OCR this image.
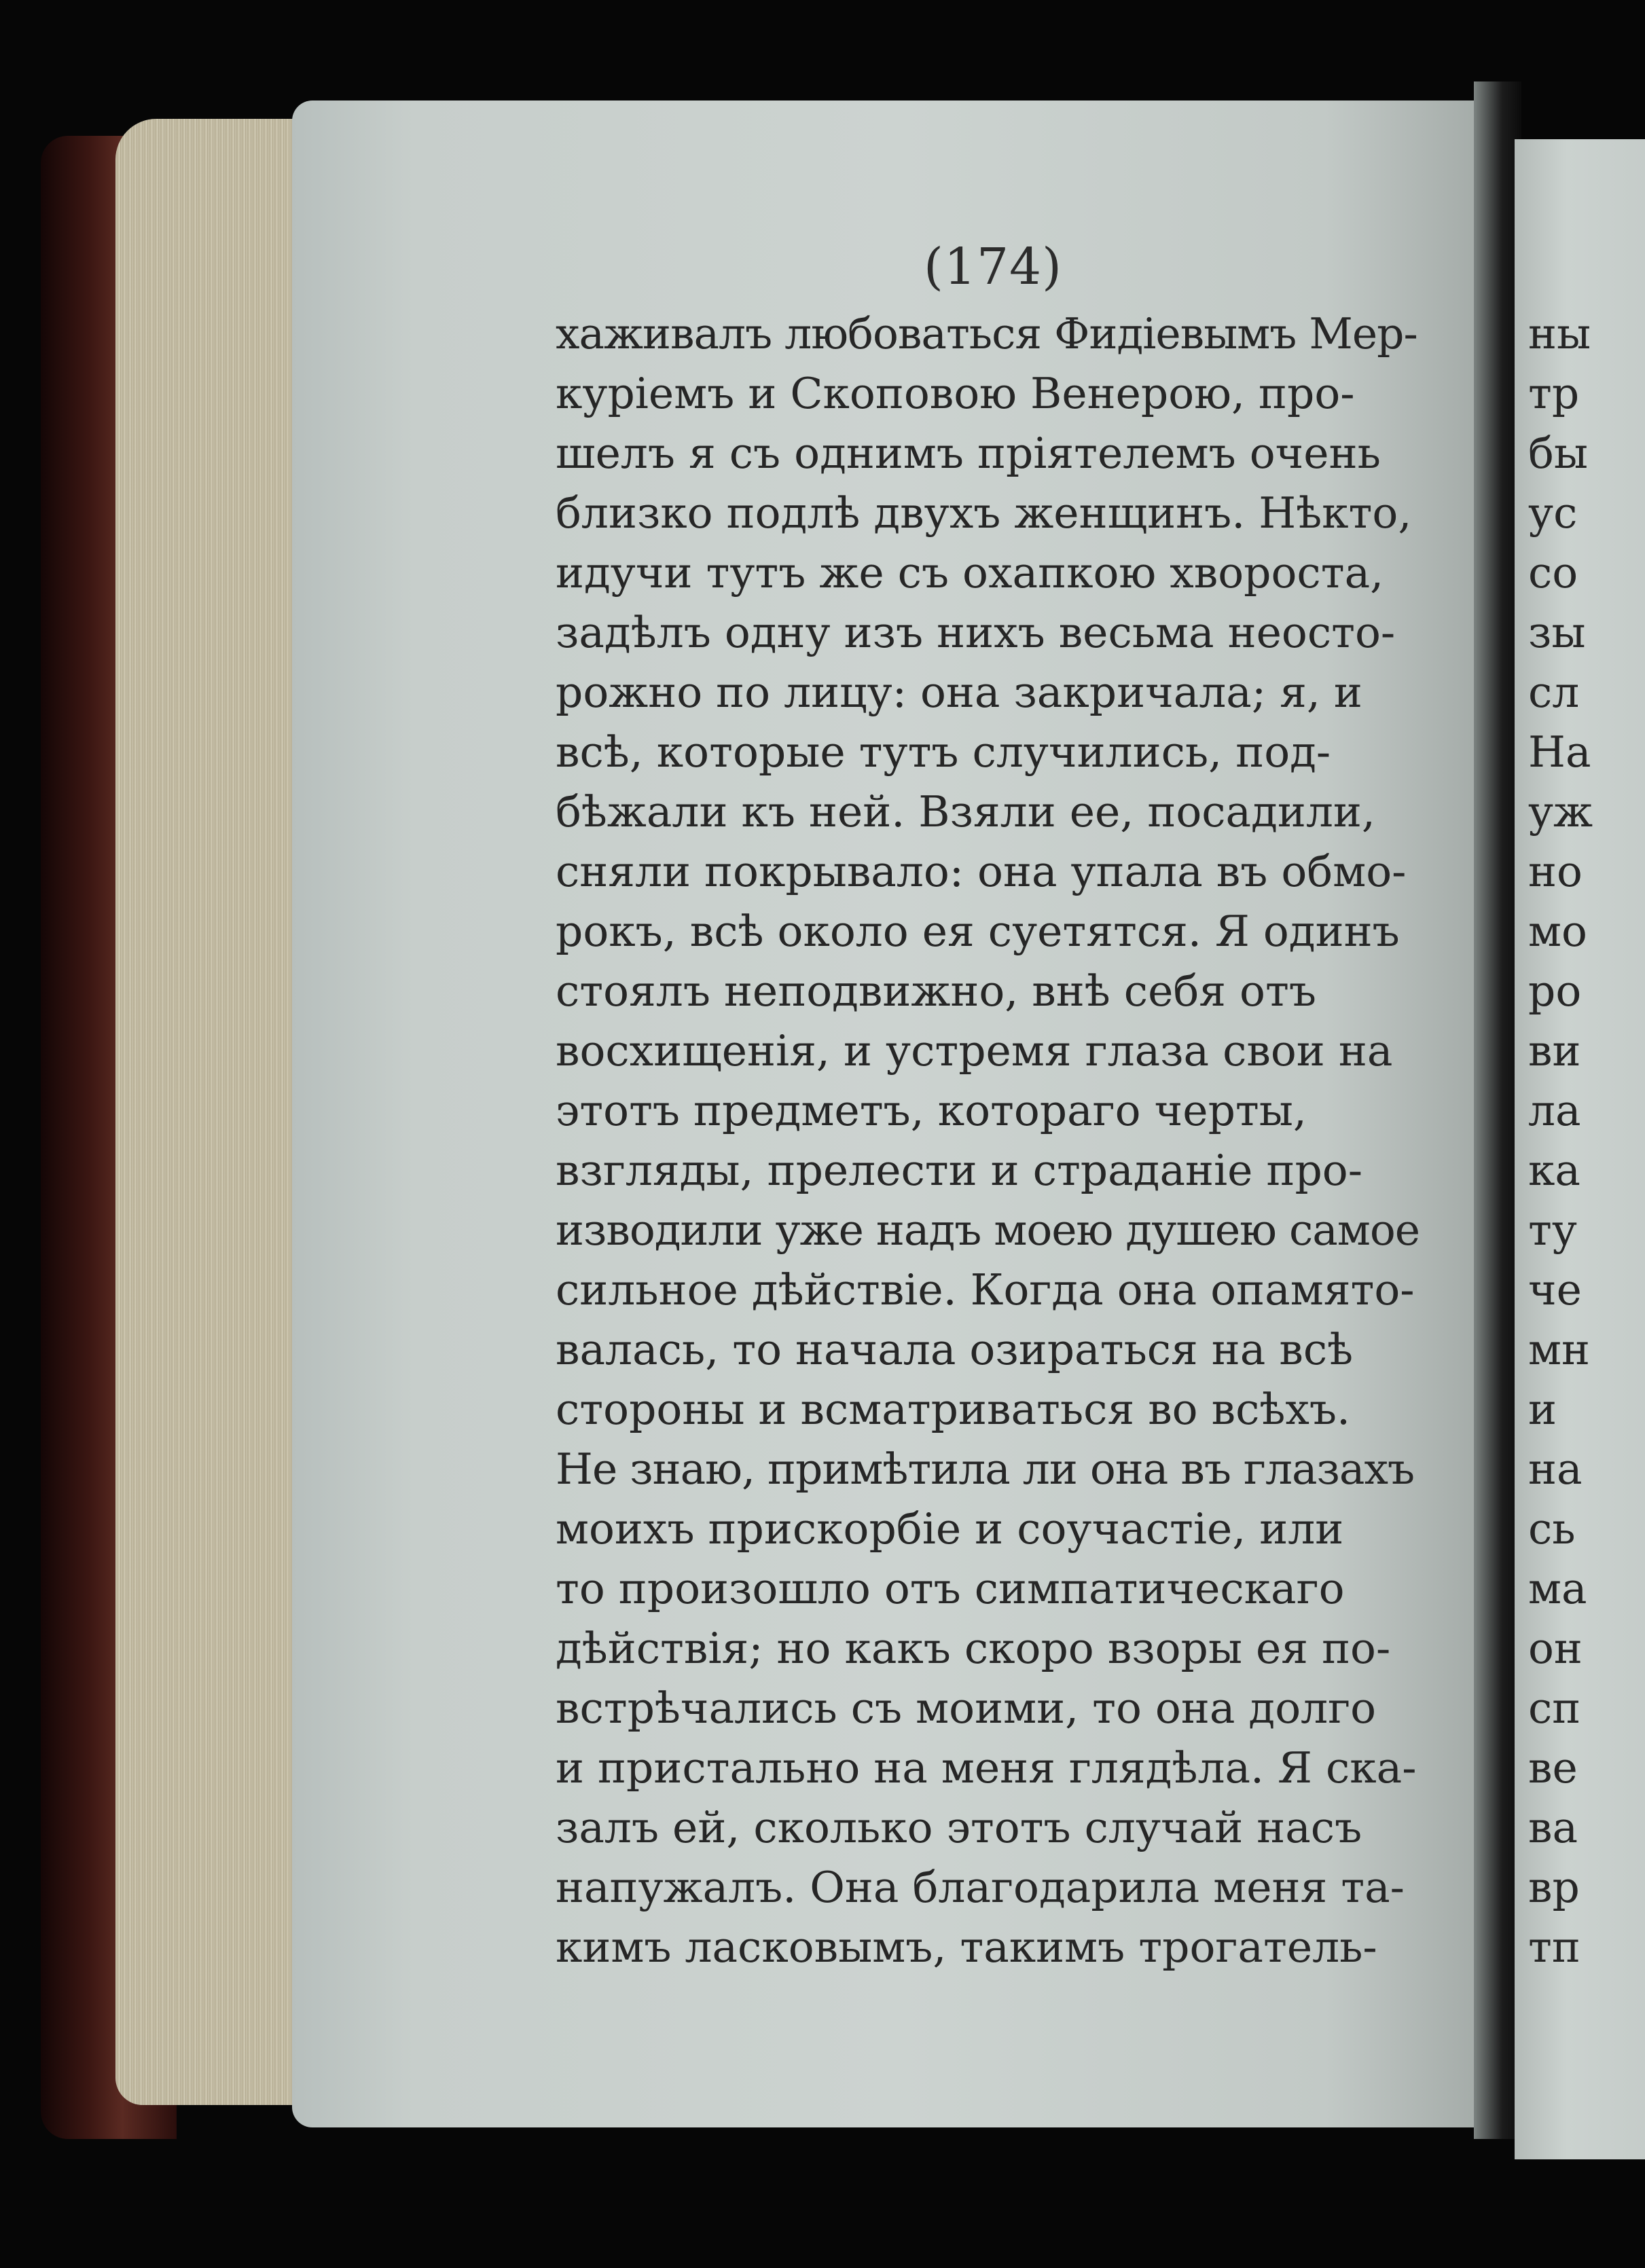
(174)
хаживалъ любоваться Фидіевымъ Мер-
куріемъ и Скоповою Венерою, про-
шелъ я съ однимъ пріятелемъ очень
близко подлѣ двухъ женщинъ. Нѣкто,
идучи тутъ же съ охапкою хвороста,
задѣлъ одну изъ нихъ весьма неосто-
рожно по лицу: она закричала; я, и
всѣ, которые тутъ случились, под-
бѣжали къ ней. Взяли ее, посадили,
сняли покрывало: она упала въ обмо-
рокъ, всѣ около ея суетятся. Я одинъ
стоялъ неподвижно, внѣ себя отъ
восхищенія, и устремя глаза свои на
этотъ предметъ, котораго черты,
взгляды, прелести и страданіе про-
изводили уже надъ моею душею самое
сильное дѣйствіе. Когда она опамято-
валась, то начала озираться на всѣ
стороны и всматриваться во всѣхъ.
Не знаю, примѣтила ли она въ глазахъ
моихъ прискорбіе и соучастіе, или
то произошло отъ симпатическаго
дѣйствія; но какъ скоро взоры ея по-
встрѣчались съ моими, то она долго
и пристально на меня глядѣла. Я ска-
залъ ей, сколько этотъ случай насъ
напужалъ. Она благодарила меня та-
кимъ ласковымъ, такимъ трогатель-
ны
тр
бы
ус
со
зы
сл
На
уж
но
мо
ро
ви
ла
ка
ту
че
мн
и
на
сь
ма
он
сп
ве
ва
вр
тп
